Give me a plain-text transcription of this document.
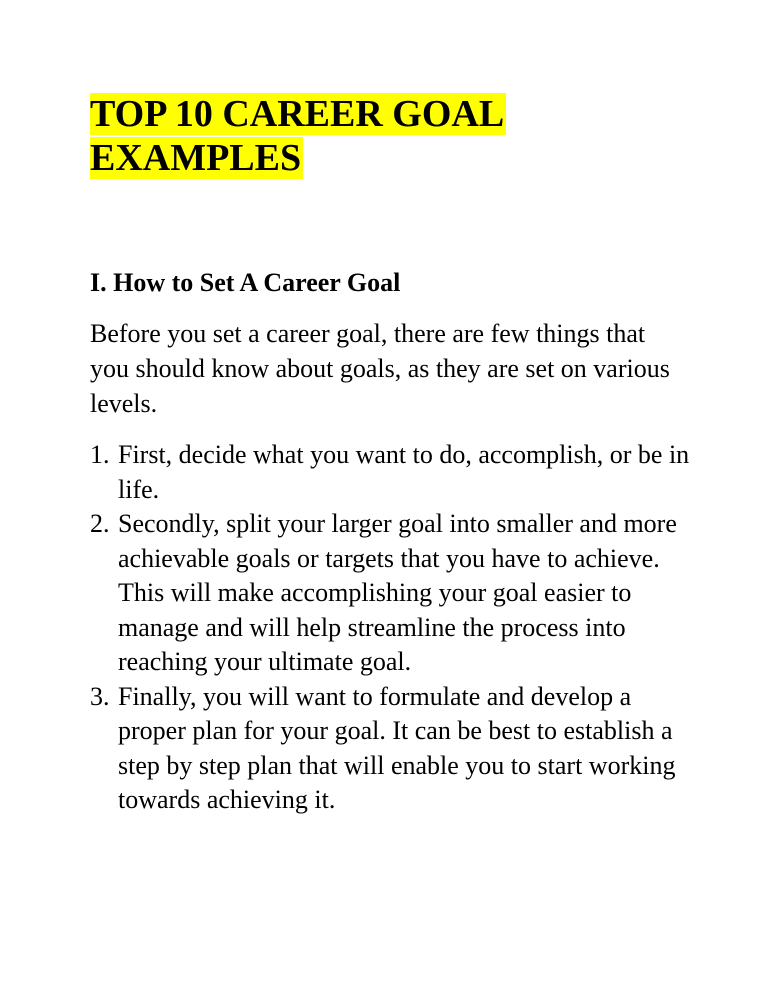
TOP 10 CAREER GOAL
EXAMPLES
I. How to Set A Career Goal

Before you set a career goal, there are few things that you should know about goals, as they are set on various levels.

1. First, decide what you want to do, accomplish, or be in life.
2. Secondly, split your larger goal into smaller and more achievable goals or targets that you have to achieve. This will make accomplishing your goal easier to manage and will help streamline the process into reaching your ultimate goal.
3. Finally, you will want to formulate and develop a proper plan for your goal. It can be best to establish a step by step plan that will enable you to start working towards achieving it.
